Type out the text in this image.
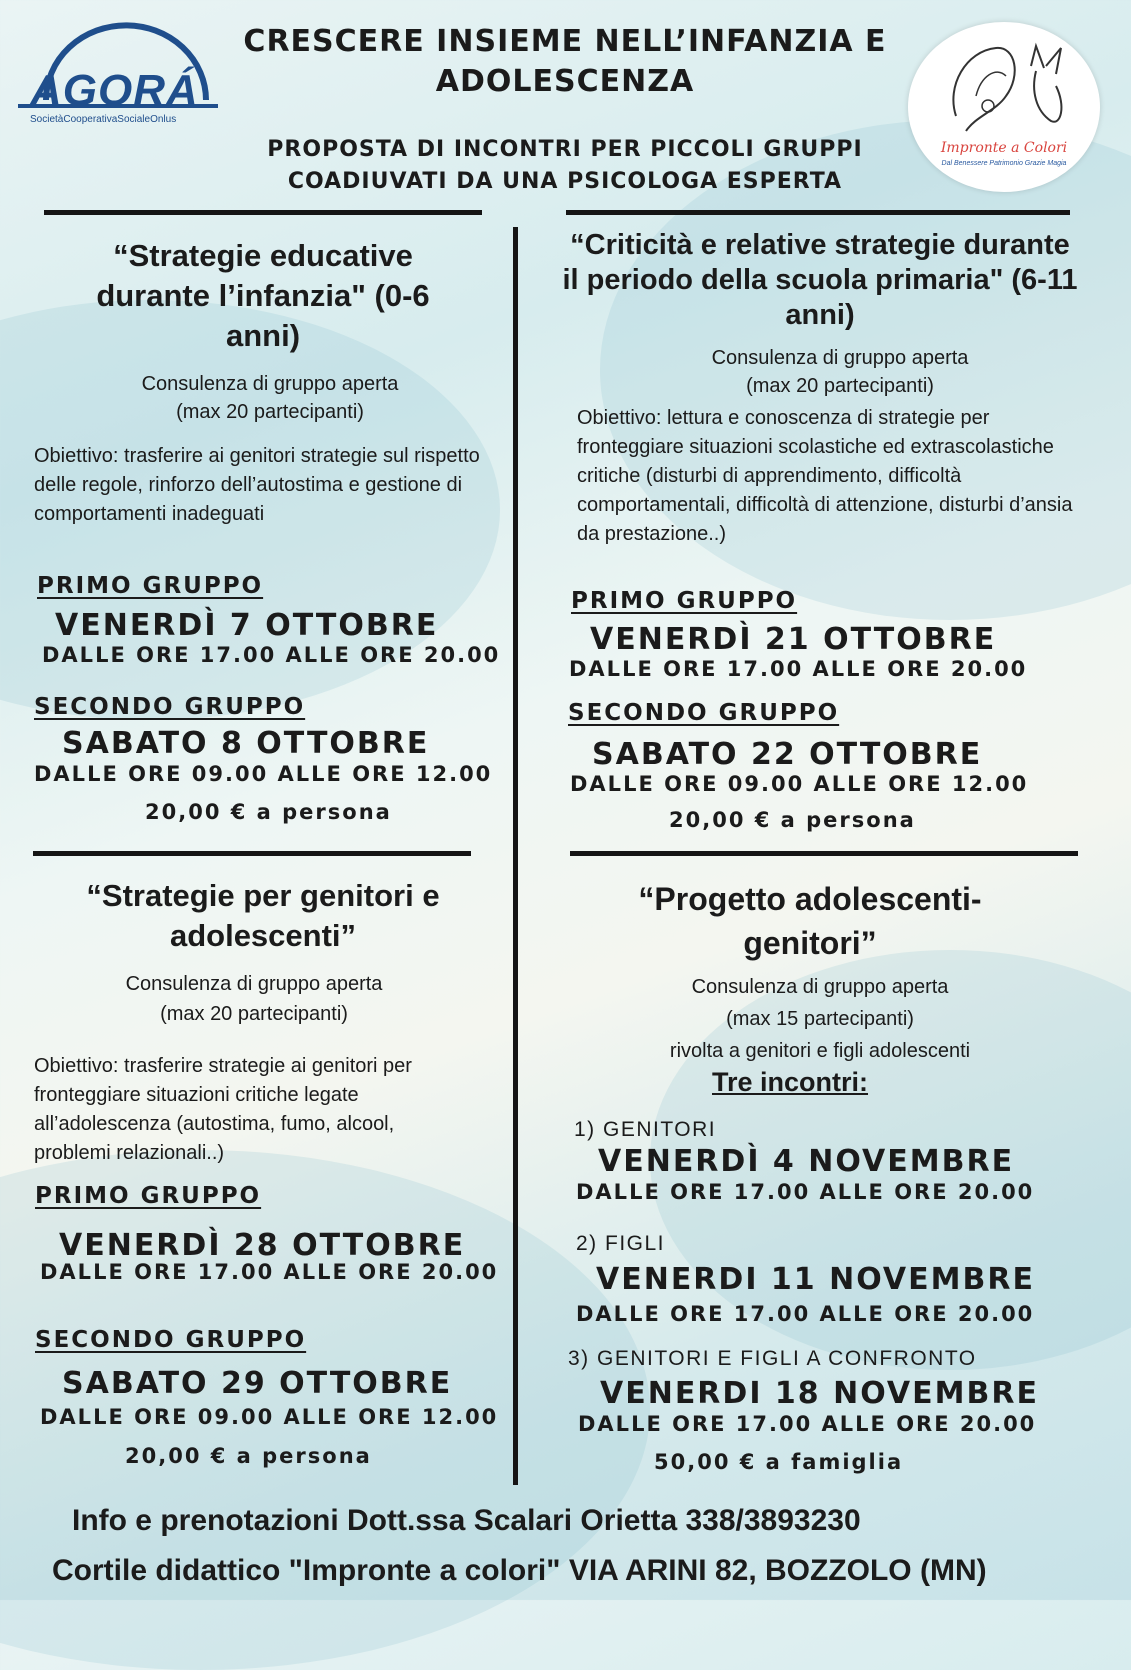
AGORÁ
SocietàCooperativaSocialeOnlus
CRESCERE INSIEME NELL’INFANZIA E ADOLESCENZA
PROPOSTA DI INCONTRI PER PICCOLI GRUPPI
COADIUVATI DA UNA PSICOLOGA ESPERTA
Impronte a Colori
Dal Benessere Patrimonio Grazie Magia
“Strategie educative durante l’infanzia" (0-6 anni)
Consulenza di gruppo aperta
(max 20 partecipanti)
Obiettivo: trasferire ai genitori strategie sul rispetto delle regole, rinforzo dell’autostima e gestione di comportamenti inadeguati
PRIMO GRUPPO
VENERDÌ 7 OTTOBRE
DALLE ORE 17.00 ALLE ORE 20.00
SECONDO GRUPPO
SABATO 8 OTTOBRE
DALLE ORE 09.00 ALLE ORE 12.00
20,00 € a persona
“Criticità e relative strategie durante il periodo della scuola primaria" (6-11 anni)
Consulenza di gruppo aperta
(max 20 partecipanti)
Obiettivo: lettura e conoscenza di strategie per fronteggiare situazioni scolastiche ed extrascolastiche critiche (disturbi di apprendimento, difficoltà comportamentali, difficoltà di attenzione, disturbi d’ansia da prestazione..)
PRIMO GRUPPO
VENERDÌ 21 OTTOBRE
DALLE ORE 17.00 ALLE ORE 20.00
SECONDO GRUPPO
SABATO 22 OTTOBRE
DALLE ORE 09.00 ALLE ORE 12.00
20,00 € a persona
“Strategie per genitori e adolescenti”
Consulenza di gruppo aperta
(max 20 partecipanti)
Obiettivo: trasferire strategie ai genitori per fronteggiare situazioni critiche legate all’adolescenza (autostima, fumo, alcool, problemi relazionali..)
PRIMO GRUPPO
VENERDÌ 28 OTTOBRE
DALLE ORE 17.00 ALLE ORE 20.00
SECONDO GRUPPO
SABATO 29 OTTOBRE
DALLE ORE 09.00 ALLE ORE 12.00
20,00 € a persona
“Progetto adolescenti-genitori”
Consulenza di gruppo aperta
(max 15 partecipanti)
rivolta a genitori e figli adolescenti
Tre incontri:
1) GENITORI
VENERDÌ 4 NOVEMBRE
DALLE ORE 17.00 ALLE ORE 20.00
2) FIGLI
VENERDI 11 NOVEMBRE
DALLE ORE 17.00 ALLE ORE 20.00
3) GENITORI E FIGLI A CONFRONTO
VENERDI 18 NOVEMBRE
DALLE ORE 17.00 ALLE ORE 20.00
50,00 € a famiglia
Info e prenotazioni Dott.ssa Scalari Orietta 338/3893230
Cortile didattico "Impronte a colori" VIA ARINI 82, BOZZOLO (MN)
